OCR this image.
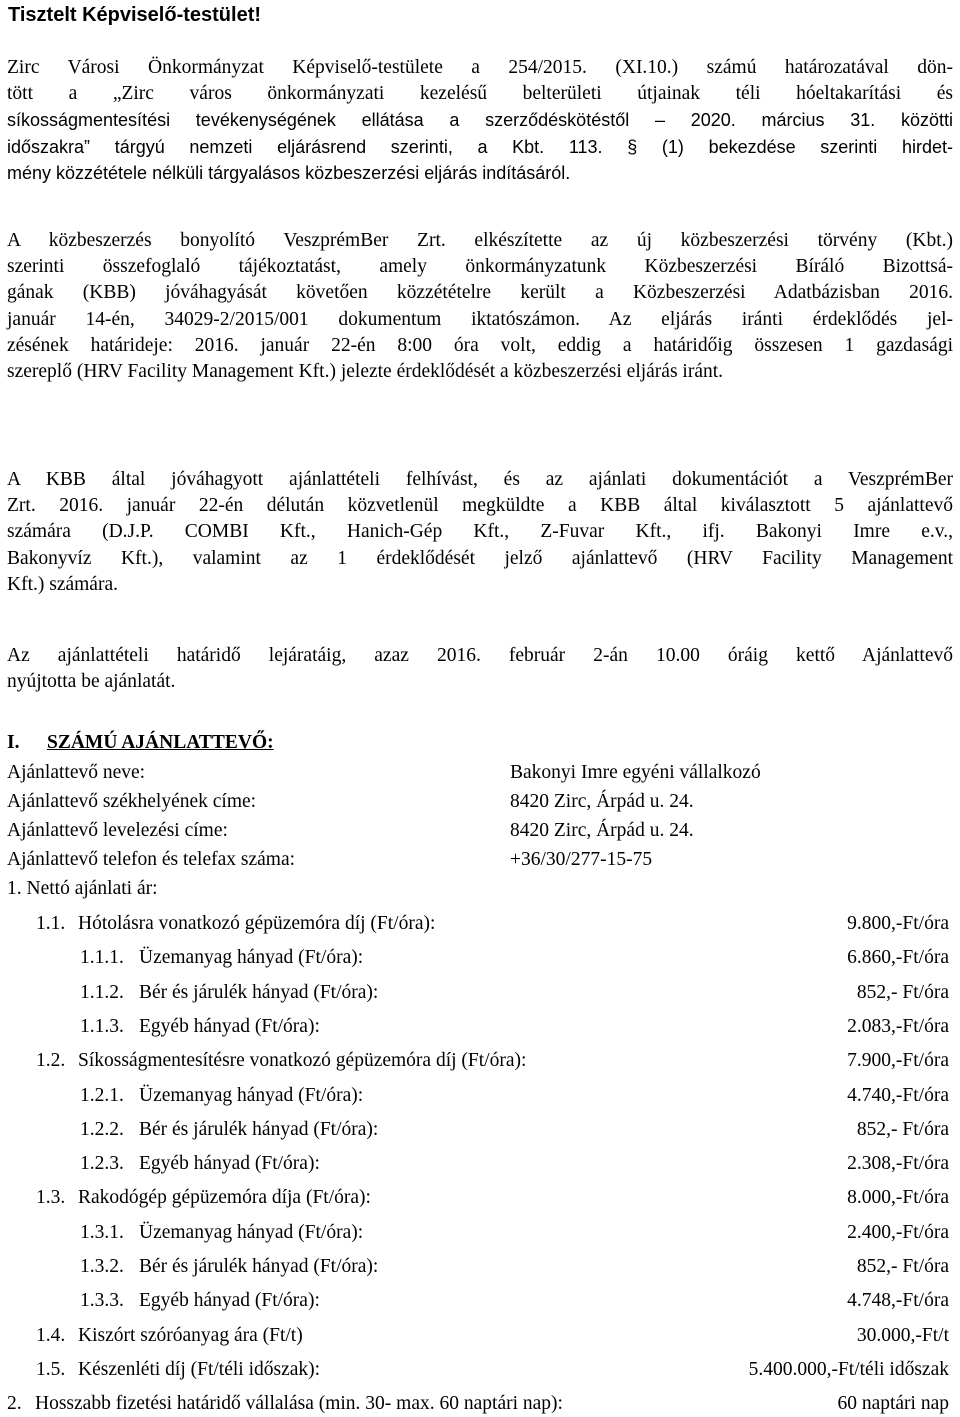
Tisztelt Képviselő-testület!
Zirc Városi Önkormányzat Képviselő-testülete a 254/2015. (XI.10.) számú határozatával dön-
tött a „Zirc város önkormányzati kezelésű belterületi útjainak téli hóeltakarítási és
síkosságmentesítési tevékenységének ellátása a szerződéskötéstől – 2020. március 31. közötti
időszakra” tárgyú nemzeti eljárásrend szerinti, a Kbt. 113. § (1) bekezdése szerinti hirdet-
mény közzététele nélküli tárgyalásos közbeszerzési eljárás indításáról.
A közbeszerzés bonyolító VeszprémBer Zrt. elkészítette az új közbeszerzési törvény (Kbt.)
szerinti összefoglaló tájékoztatást, amely önkormányzatunk Közbeszerzési Bíráló Bizottsá-
gának (KBB) jóváhagyását követően közzétételre került a Közbeszerzési Adatbázisban 2016.
január 14-én, 34029-2/2015/001 dokumentum iktatószámon. Az eljárás iránti érdeklődés jel-
zésének határideje: 2016. január 22-én 8:00 óra volt, eddig a határidőig összesen 1 gazdasági
szereplő (HRV Facility Management Kft.) jelezte érdeklődését a közbeszerzési eljárás iránt.
A KBB által jóváhagyott ajánlattételi felhívást, és az ajánlati dokumentációt a VeszprémBer
Zrt. 2016. január 22-én délután közvetlenül megküldte a KBB által kiválasztott 5 ajánlattevő
számára (D.J.P. COMBI Kft., Hanich-Gép Kft., Z-Fuvar Kft., ifj. Bakonyi Imre e.v.,
Bakonyvíz Kft.), valamint az 1 érdeklődését jelző ajánlattevő (HRV Facility Management
Kft.) számára.
Az ajánlattételi határidő lejáratáig, azaz 2016. február 2-án 10.00 óráig kettő Ajánlattevő
nyújtotta be ajánlatát.
I. SZÁMÚ AJÁNLATTEVŐ:
Ajánlattevő neve:	Bakonyi Imre egyéni vállalkozó
Ajánlattevő székhelyének címe:	8420 Zirc, Árpád u. 24.
Ajánlattevő levelezési címe:	8420 Zirc, Árpád u. 24.
Ajánlattevő telefon és telefax száma:	+36/30/277-15-75
1. Nettó ajánlati ár:
1.1. Hótolásra vonatkozó gépüzemóra díj (Ft/óra):	9.800,-Ft/óra
1.1.1. Üzemanyag hányad (Ft/óra):	6.860,-Ft/óra
1.1.2. Bér és járulék hányad (Ft/óra):	852,- Ft/óra
1.1.3. Egyéb hányad (Ft/óra):	2.083,-Ft/óra
1.2. Síkosságmentesítésre vonatkozó gépüzemóra díj (Ft/óra):	7.900,-Ft/óra
1.2.1. Üzemanyag hányad (Ft/óra):	4.740,-Ft/óra
1.2.2. Bér és járulék hányad (Ft/óra):	852,- Ft/óra
1.2.3. Egyéb hányad (Ft/óra):	2.308,-Ft/óra
1.3. Rakodógép gépüzemóra díja (Ft/óra):	8.000,-Ft/óra
1.3.1. Üzemanyag hányad (Ft/óra):	2.400,-Ft/óra
1.3.2. Bér és járulék hányad (Ft/óra):	852,- Ft/óra
1.3.3. Egyéb hányad (Ft/óra):	4.748,-Ft/óra
1.4. Kiszórt szóróanyag ára (Ft/t)	30.000,-Ft/t
1.5. Készenléti díj (Ft/téli időszak):	5.400.000,-Ft/téli időszak
2. Hosszabb fizetési határidő vállalása (min. 30- max. 60 naptári nap):	60 naptári nap
